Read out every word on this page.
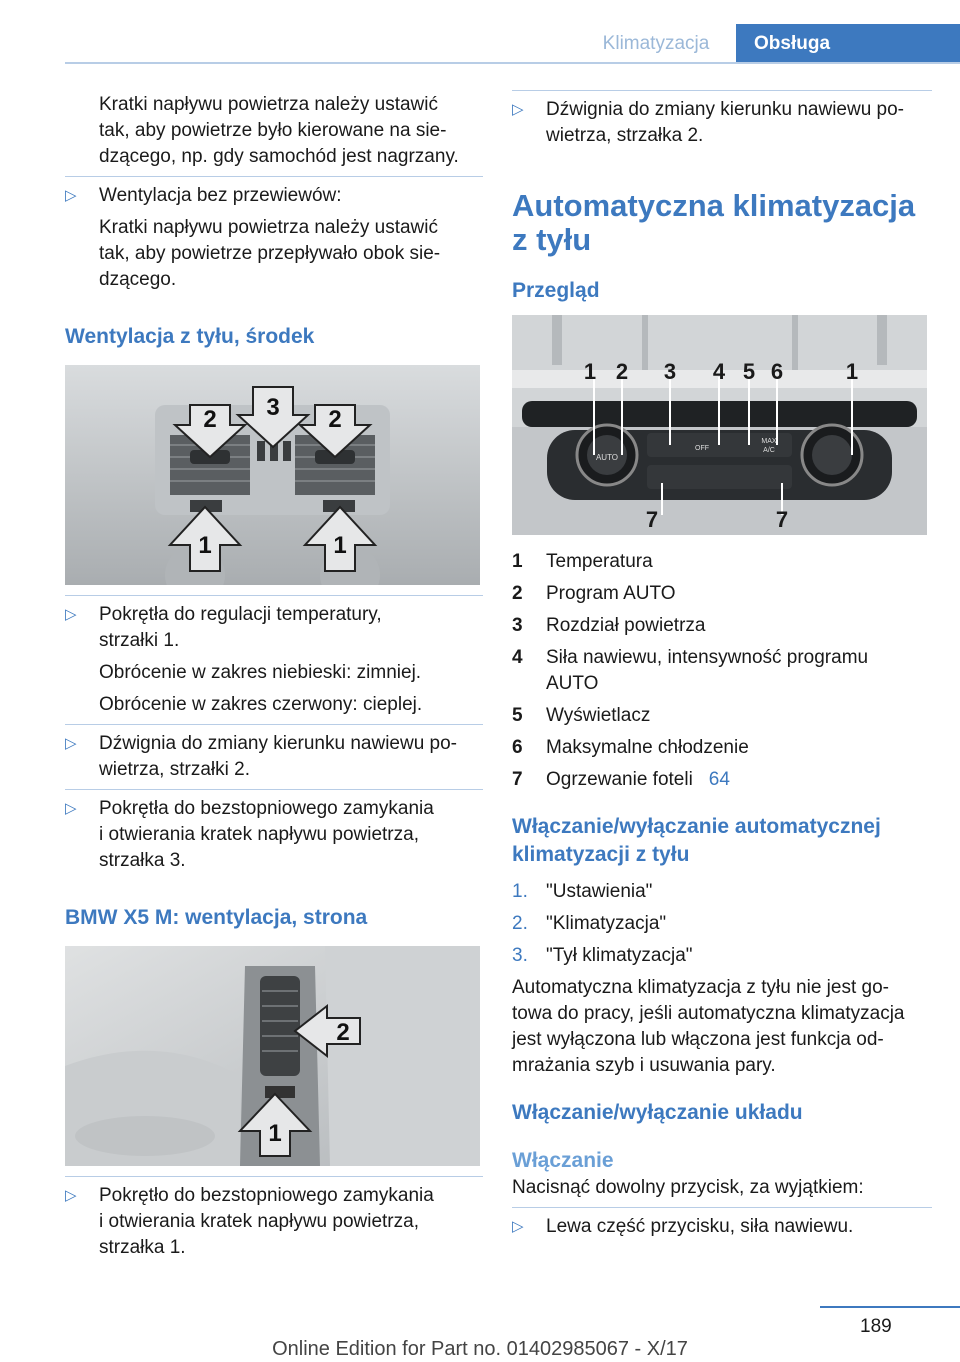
Klimatyzacja	Obsługa

Kratki napływu powietrza należy ustawić

tak, aby powietrze było kierowane na sie-

dzącego, np. gdy samochód jest nagrzany.

▷ Wentylacja bez przewiewów:

Kratki napływu powietrza należy ustawić

tak, aby powietrze przepływało obok sie-

dzącego.

Wentylacja z tyłu, środek
2 3 2
1	1
▷ Pokrętła do regulacji temperatury,

strzałki 1.

Obrócenie w zakres niebieski: zimniej.

Obrócenie w zakres czerwony: cieplej.

▷ Dźwignia do zmiany kierunku nawiewu po-

wietrza, strzałki 2.

▷ Pokrętła do bezstopniowego zamykania

i otwierania kratek napływu powietrza,

strzałka 3.

BMW X5 M: wentylacja, strona
2
1
▷ Pokrętło do bezstopniowego zamykania

i otwierania kratek napływu powietrza,

strzałka 1.

▷ Dźwignia do zmiany kierunku nawiewu po-

wietrza, strzałka 2.

Automatyczna klimatyzacja
z tyłu
Przegląd
AUTO
OFF
MAX
A/C
1 2 3 4 5 6	1
7	7
1	Temperatura
2	Program AUTO
3	Rozdział powietrza
4	Siła nawiewu, intensywność programu
AUTO
5	Wyświetlacz
6	Maksymalne chłodzenie
7	Ogrzewanie foteli 64
Włączanie/wyłączanie automatycznej
klimatyzacji z tyłu
1. "Ustawienia"
2. "Klimatyzacja"
3. "Tył klimatyzacja"

Automatyczna klimatyzacja z tyłu nie jest go-

towa do pracy, jeśli automatyczna klimatyzacja

jest wyłączona lub włączona jest funkcja od-

mrażania szyb i usuwania pary.

Włączanie/wyłączanie układu
Włączanie

Nacisnąć dowolny przycisk, za wyjątkiem:

▷ Lewa część przycisku, siła nawiewu.

189
Online Edition for Part no. 01402985067 - X/17
